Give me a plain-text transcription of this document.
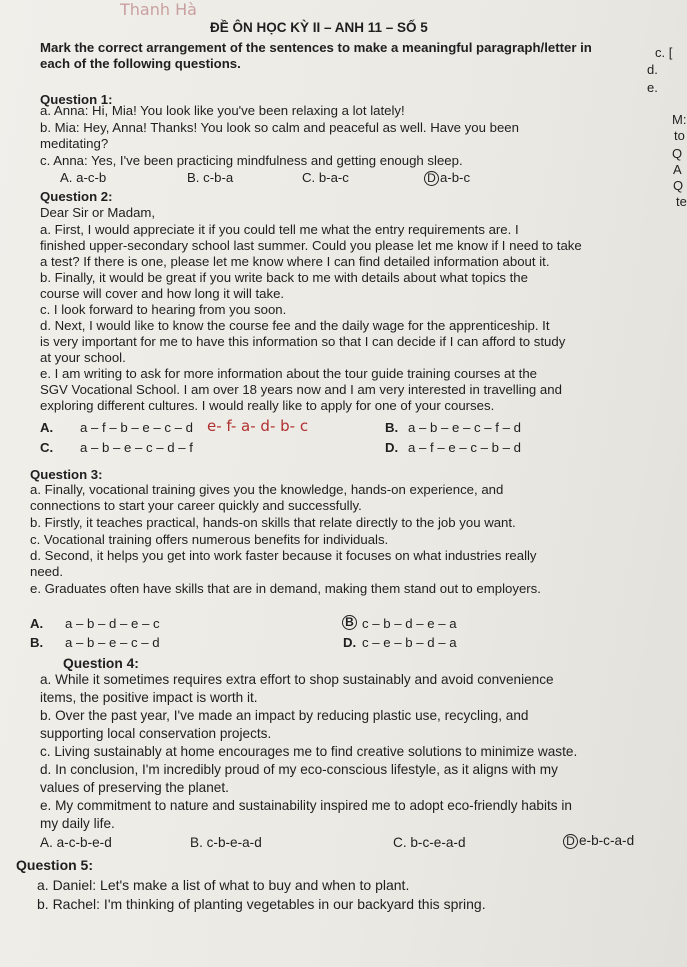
Thanh Hà
ĐỀ ÔN HỌC KỲ II – ANH 11 – SỐ 5
Mark the correct arrangement of the sentences to make a meaningful paragraph/letter in each of the following questions.
c. [
d.
e.
M:
to
Q
A
Q
te
Question 1:
a. Anna: Hi, Mia! You look like you've been relaxing a lot lately!
b. Mia: Hey, Anna! Thanks! You look so calm and peaceful as well. Have you been
meditating?
c. Anna: Yes, I've been practicing mindfulness and getting enough sleep.
A. a-c-b	B. c-b-a	C. b-a-c	D a-b-c
Question 2:
Dear Sir or Madam,
a. First, I would appreciate it if you could tell me what the entry requirements are. I
finished upper-secondary school last summer. Could you please let me know if I need to take
a test? If there is one, please let me know where I can find detailed information about it.
b. Finally, it would be great if you write back to me with details about what topics the
course will cover and how long it will take.
c. I look forward to hearing from you soon.
d. Next, I would like to know the course fee and the daily wage for the apprenticeship. It
is very important for me to have this information so that I can decide if I can afford to study
at your school.
e. I am writing to ask for more information about the tour guide training courses at the
SGV Vocational School. I am over 18 years now and I am very interested in travelling and
exploring different cultures. I would really like to apply for one of your courses.
A. a – f – b – e – c – d e- f- a- d- b- c	B. a – b – e – c – f – d
C. a – b – e – c – d – f	D. a – f – e – c – b – d
Question 3:
a. Finally, vocational training gives you the knowledge, hands-on experience, and
connections to start your career quickly and successfully.
b. Firstly, it teaches practical, hands-on skills that relate directly to the job you want.
c. Vocational training offers numerous benefits for individuals.
d. Second, it helps you get into work faster because it focuses on what industries really
need.
e. Graduates often have skills that are in demand, making them stand out to employers.
A. a – b – d – e – c	B c – b – d – e – a
B. a – b – e – c – d	D. c – e – b – d – a
Question 4:
a. While it sometimes requires extra effort to shop sustainably and avoid convenience
items, the positive impact is worth it.
b. Over the past year, I've made an impact by reducing plastic use, recycling, and
supporting local conservation projects.
c. Living sustainably at home encourages me to find creative solutions to minimize waste.
d. In conclusion, I'm incredibly proud of my eco-conscious lifestyle, as it aligns with my
values of preserving the planet.
e. My commitment to nature and sustainability inspired me to adopt eco-friendly habits in
my daily life.
A. a-c-b-e-d	B. c-b-e-a-d	C. b-c-e-a-d	D e-b-c-a-d
Question 5:
a. Daniel: Let's make a list of what to buy and when to plant.
b. Rachel: I'm thinking of planting vegetables in our backyard this spring.
